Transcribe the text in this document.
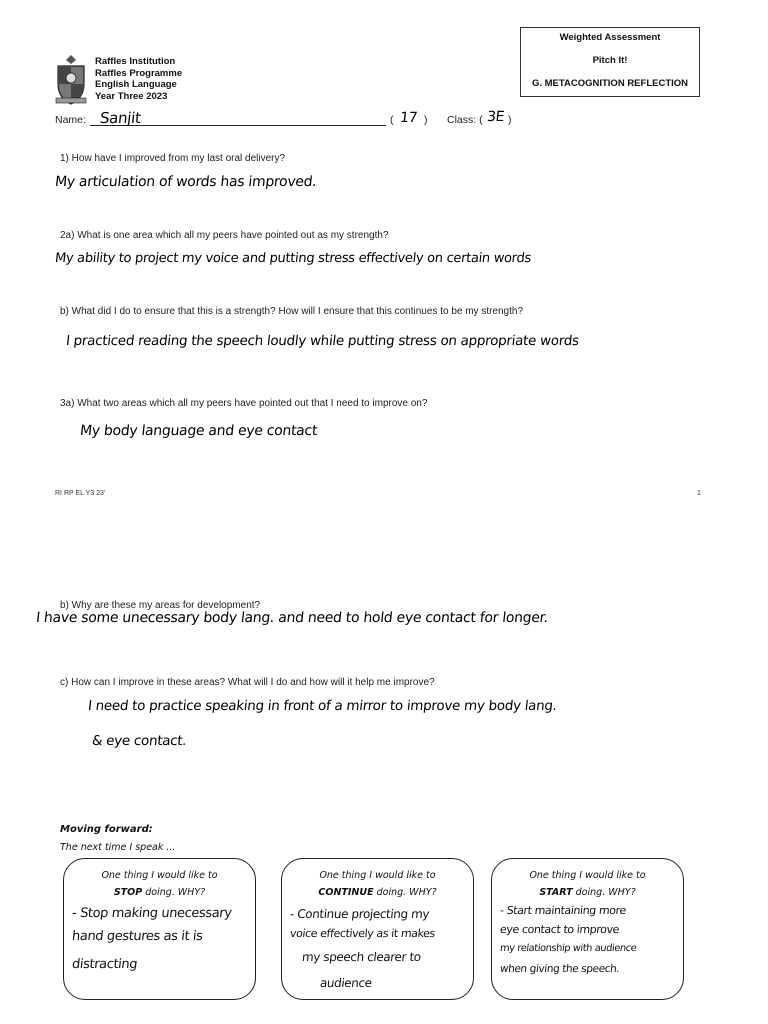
Weighted Assessment
Pitch It!
G. METACOGNITION REFLECTION
Raffles Institution
Raffles Programme
English Language
Year Three 2023
Name: Sanjit	( 17 ) Class: ( 3E )
1) How have I improved from my last oral delivery?
My articulation of words has improved.
2a) What is one area which all my peers have pointed out as my strength?
My ability to project my voice and putting stress effectively on certain words
b) What did I do to ensure that this is a strength? How will I ensure that this continues to be my strength?
I practiced reading the speech loudly while putting stress on appropriate words
3a) What two areas which all my peers have pointed out that I need to improve on?
My body language and eye contact
RI RP EL Y3 23'	1
b) Why are these my areas for development?
I have some unecessary body lang. and need to hold eye contact for longer.
c) How can I improve in these areas? What will I do and how will it help me improve?
I need to practice speaking in front of a mirror to improve my body lang.
& eye contact.
Moving forward:
The next time I speak ...
One thing I would like to
STOP doing. WHY?
- Stop making unecessary
hand gestures as it is
distracting
One thing I would like to
CONTINUE doing. WHY?
- Continue projecting my
voice effectively as it makes
my speech clearer to
audience
One thing I would like to
START doing. WHY?
- Start maintaining more
eye contact to improve
my relationship with audience
when giving the speech.
